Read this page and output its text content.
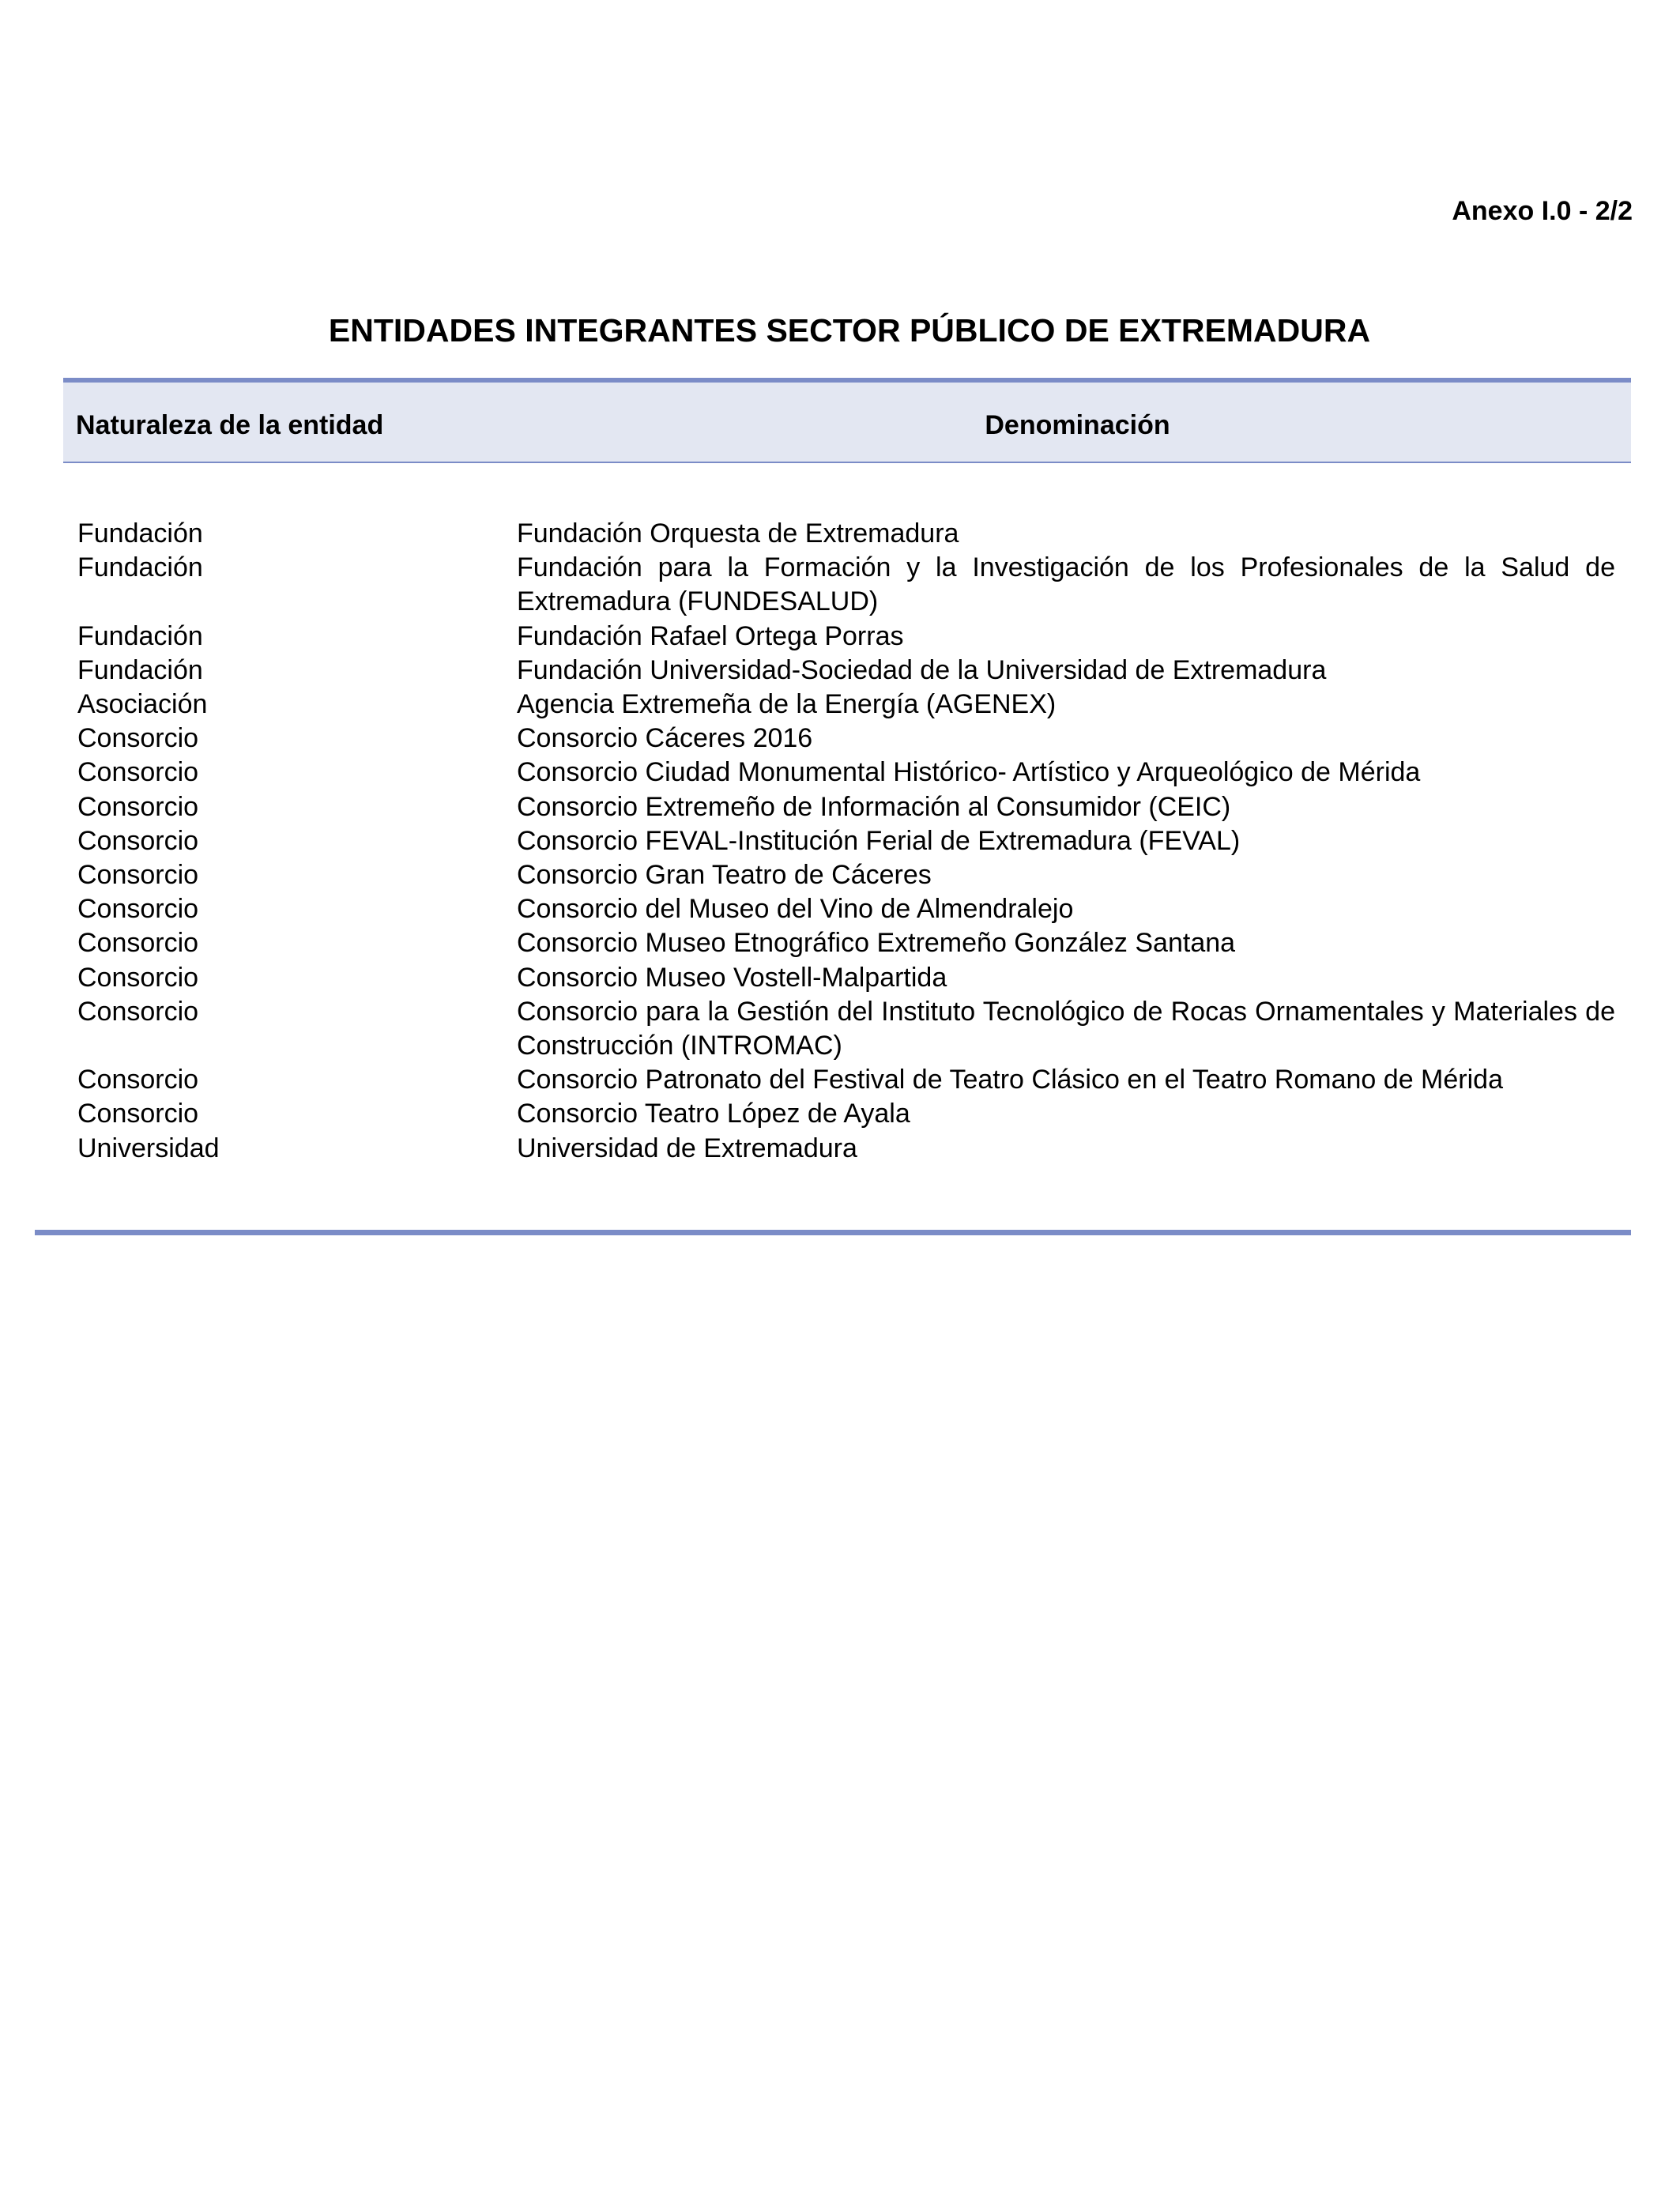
Anexo I.0 - 2/2
ENTIDADES INTEGRANTES SECTOR PÚBLICO DE EXTREMADURA
Naturaleza de la entidad	Denominación
Fundación	Fundación Orquesta de Extremadura
Fundación	Fundación para la Formación y la Investigación de los Profesionales de la Salud de Extremadura (FUNDESALUD)
Fundación	Fundación Rafael Ortega Porras
Fundación	Fundación Universidad-Sociedad de la Universidad de Extremadura
Asociación	Agencia Extremeña de la Energía (AGENEX)
Consorcio	Consorcio Cáceres 2016
Consorcio	Consorcio Ciudad Monumental Histórico- Artístico y Arqueológico de Mérida
Consorcio	Consorcio Extremeño de Información al Consumidor (CEIC)
Consorcio	Consorcio FEVAL-Institución Ferial de Extremadura (FEVAL)
Consorcio	Consorcio Gran Teatro de Cáceres
Consorcio	Consorcio del Museo del Vino de Almendralejo
Consorcio	Consorcio Museo Etnográfico Extremeño González Santana
Consorcio	Consorcio Museo Vostell-Malpartida
Consorcio	Consorcio para la Gestión del Instituto Tecnológico de Rocas Ornamentales y Materiales de Construcción (INTROMAC)
Consorcio	Consorcio Patronato del Festival de Teatro Clásico en el Teatro Romano de Mérida
Consorcio	Consorcio Teatro López de Ayala
Universidad	Universidad de Extremadura
